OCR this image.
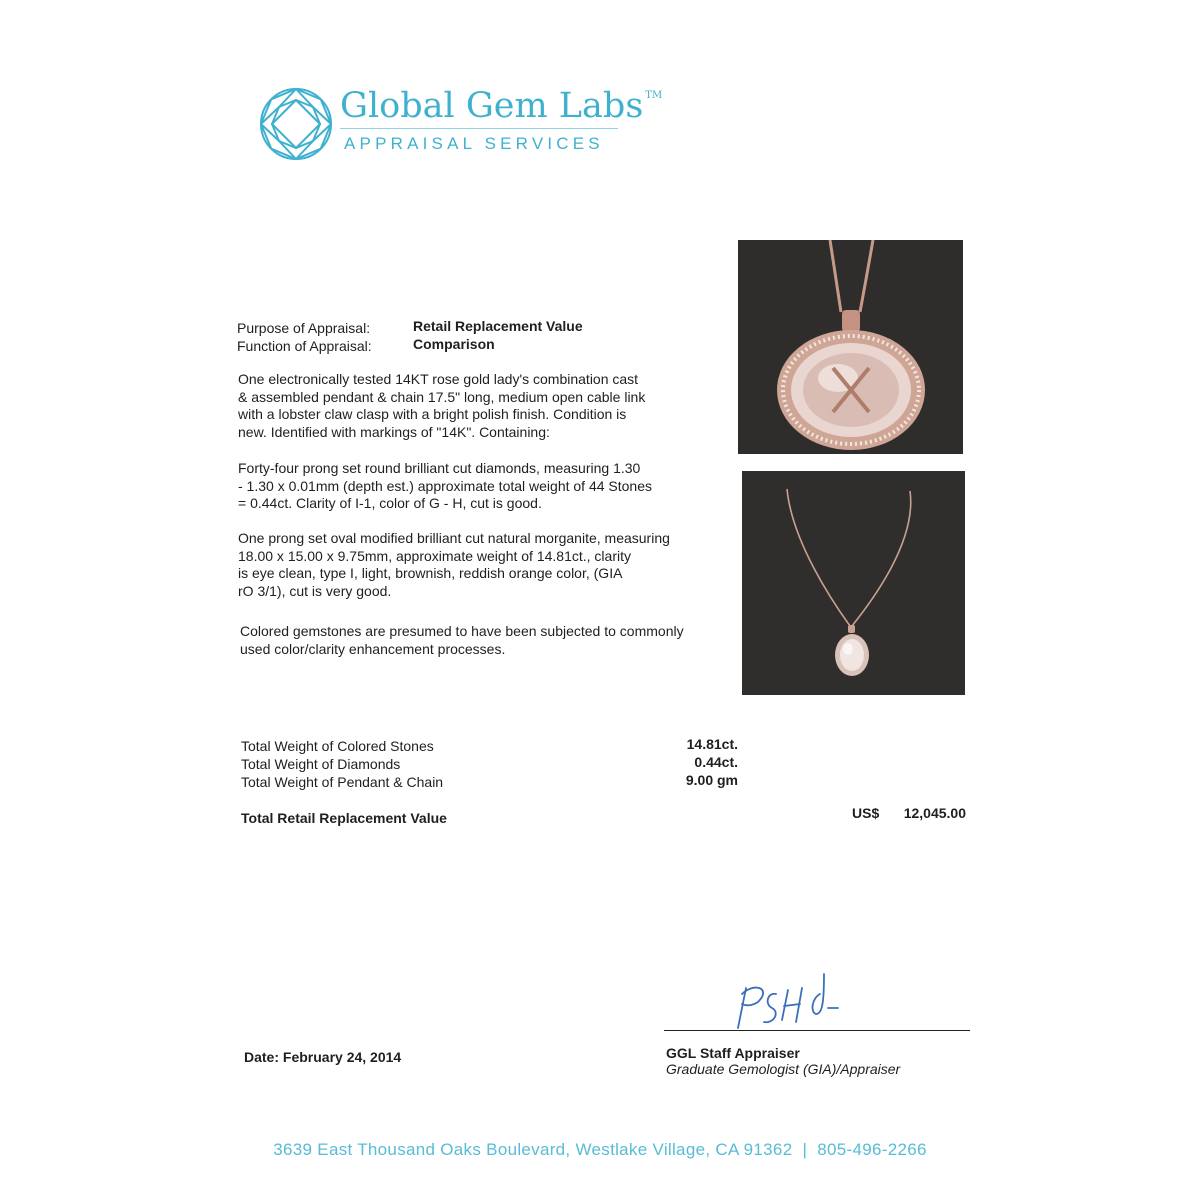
Global Gem Labs ™
APPRAISAL SERVICES
Purpose of Appraisal:	Retail Replacement Value
Function of Appraisal:	Comparison
One electronically tested 14KT rose gold lady's combination cast
& assembled pendant & chain 17.5" long, medium open cable link
with a lobster claw clasp with a bright polish finish. Condition is
new. Identified with markings of "14K". Containing:
Forty-four prong set round brilliant cut diamonds, measuring 1.30
- 1.30 x 0.01mm (depth est.) approximate total weight of 44 Stones
= 0.44ct. Clarity of I-1, color of G - H, cut is good.
One prong set oval modified brilliant cut natural morganite, measuring
18.00 x 15.00 x 9.75mm, approximate weight of 14.81ct., clarity
is eye clean, type I, light, brownish, reddish orange color, (GIA
rO 3/1), cut is very good.
Colored gemstones are presumed to have been subjected to commonly
used color/clarity enhancement processes.
Total Weight of Colored Stones	14.81ct.
Total Weight of Diamonds	0.44ct.
Total Weight of Pendant & Chain	9.00 gm
Total Retail Replacement Value	US$	12,045.00
GGL Staff Appraiser
Graduate Gemologist (GIA)/Appraiser
Date: February 24, 2014
3639 East Thousand Oaks Boulevard, Westlake Village, CA 91362  |  805-496-2266
